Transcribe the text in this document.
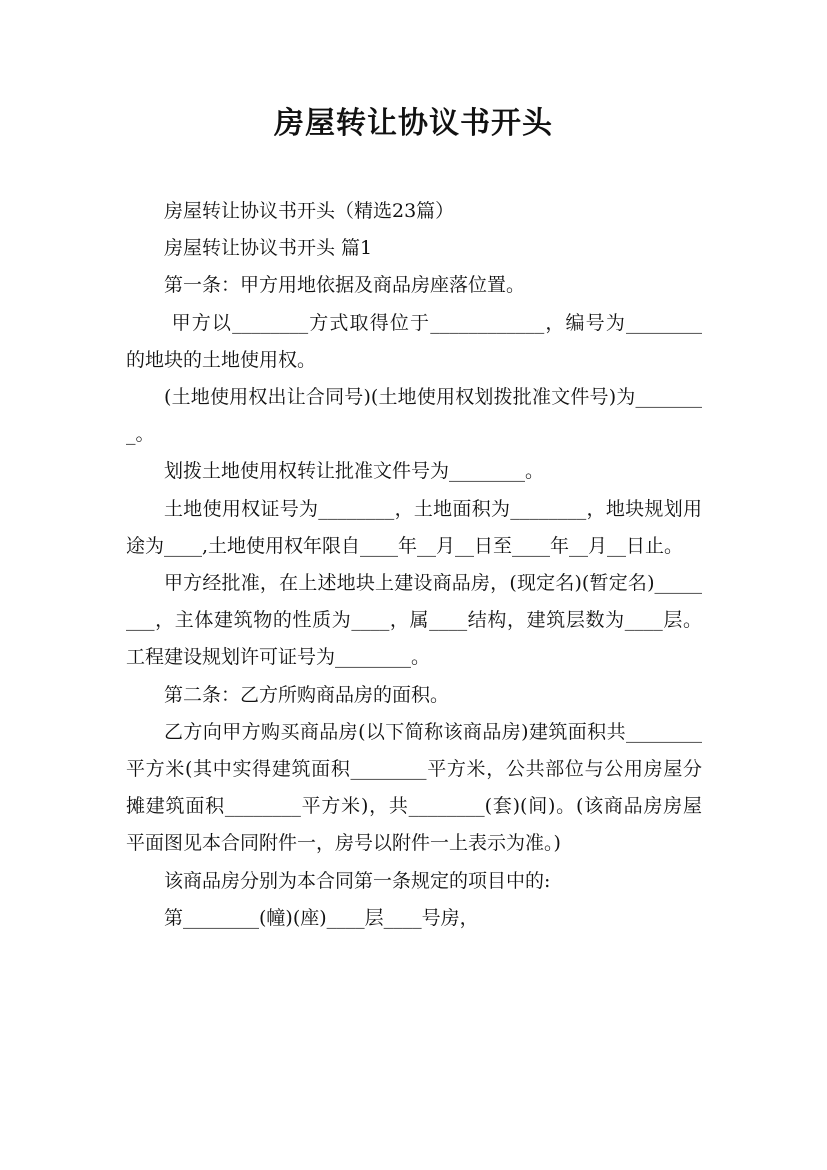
房屋转让协议书开头

房屋转让协议书开头（精选23篇）

房屋转让协议书开头 篇1

第一条：甲方用地依据及商品房座落位置。

甲方以________方式取得位于____________，编号为________的地块的土地使用权。

(土地使用权出让合同号)(土地使用权划拨批准文件号)为________。

划拨土地使用权转让批准文件号为________。

土地使用权证号为________，土地面积为________，地块规划用途为____,土地使用权年限自____年__月__日至____年__月__日止。

甲方经批准，在上述地块上建设商品房，(现定名)(暂定名)________，主体建筑物的性质为____，属____结构，建筑层数为____层。工程建设规划许可证号为________。

第二条：乙方所购商品房的面积。

乙方向甲方购买商品房(以下简称该商品房)建筑面积共________平方米(其中实得建筑面积________平方米，公共部位与公用房屋分摊建筑面积________平方米)，共________(套)(间)。(该商品房房屋平面图见本合同附件一，房号以附件一上表示为准。)

该商品房分别为本合同第一条规定的项目中的:

第________(幢)(座)____层____号房，
